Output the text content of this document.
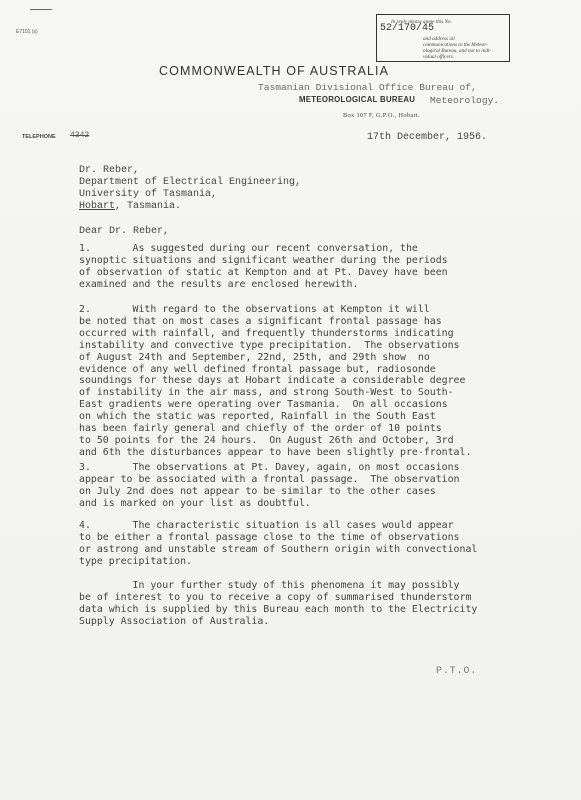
E7101 (s)
In reply please quote this No.
52/170/45
and address all
communications to the Meteor-
ological Bureau, and not to indi-
vidual officers.
COMMONWEALTH OF AUSTRALIA
Tasmanian Divisional Office Bureau of,
METEOROLOGICAL BUREAU Meteorology.
Box 107 F, G.P.O., Hobart.
TELEPHONE 4342	17th December, 1956.
Dr. Reber,
Department of Electrical Engineering,
University of Tasmania,
Hobart, Tasmania.
Dear Dr. Reber,
1.       As suggested during our recent conversation, the
synoptic situations and significant weather during the periods
of observation of static at Kempton and at Pt. Davey have been
examined and the results are enclosed herewith.
2.       With regard to the observations at Kempton it will
be noted that on most cases a significant frontal passage has
occurred with rainfall, and frequently thunderstorms indicating
instability and convective type precipitation.  The observations
of August 24th and September, 22nd, 25th, and 29th show  no
evidence of any well defined frontal passage but, radiosonde
soundings for these days at Hobart indicate a considerable degree
of instability in the air mass, and strong South-West to South-
East gradients were operating over Tasmania.  On all occasions
on which the static was reported, Rainfall in the South East
has been fairly general and chiefly of the order of 10 points
to 50 points for the 24 hours.  On August 26th and October, 3rd
and 6th the disturbances appear to have been slightly pre-frontal.
3.       The observations at Pt. Davey, again, on most occasions
appear to be associated with a frontal passage.  The observation
on July 2nd does not appear to be similar to the other cases
and is marked on your list as doubtful.
4.       The characteristic situation is all cases would appear
to be either a frontal passage close to the time of observations
or astrong and unstable stream of Southern origin with convectional
type precipitation.
In your further study of this phenomena it may possibly
be of interest to you to receive a copy of summarised thunderstorm
data which is supplied by this Bureau each month to the Electricity
Supply Association of Australia.
P.T.O.
